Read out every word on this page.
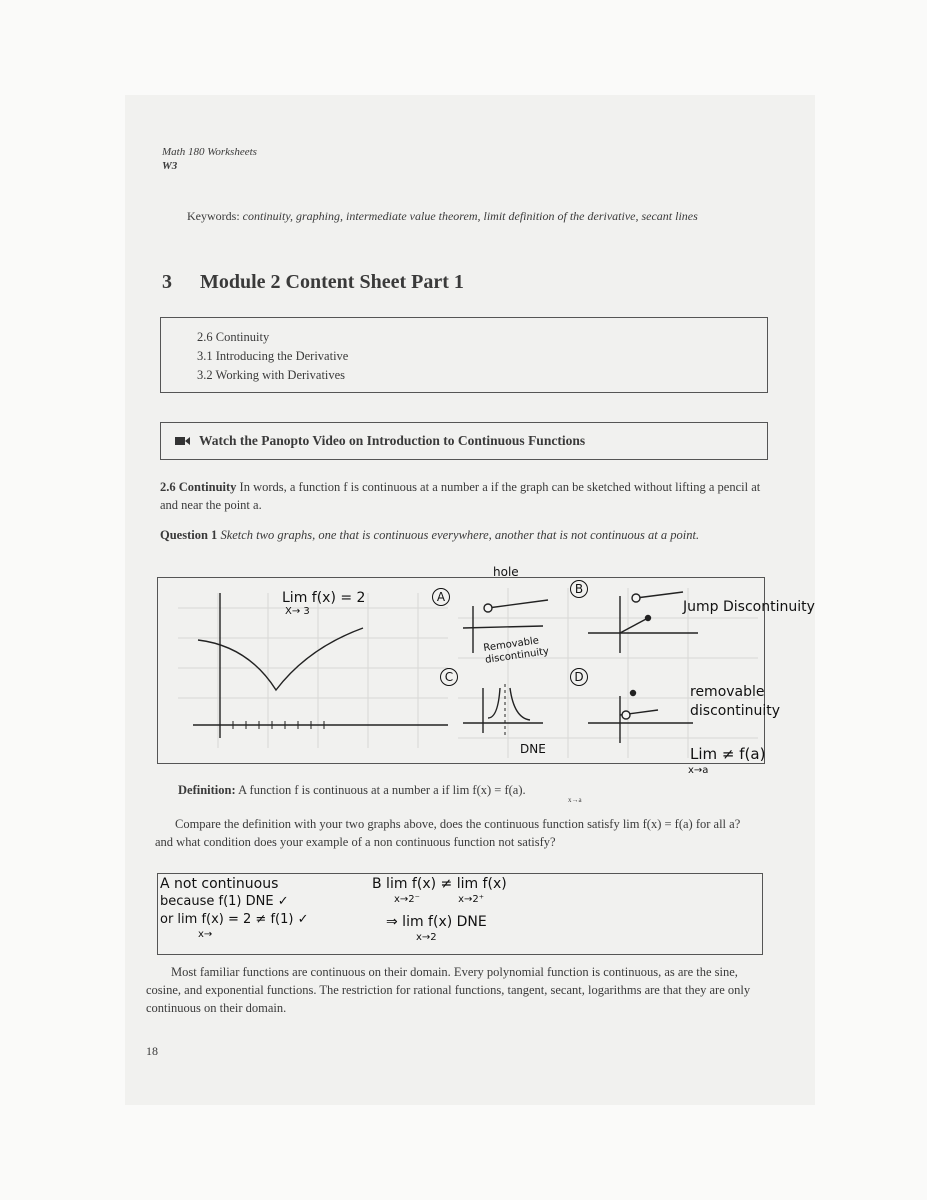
Math 180 Worksheets
W3
Keywords: continuity, graphing, intermediate value theorem, limit definition of the derivative, secant lines
3 Module 2 Content Sheet Part 1
2.6 Continuity
3.1 Introducing the Derivative
3.2 Working with Derivatives
Watch the Panopto Video on Introduction to Continuous Functions
2.6 Continuity In words, a function f is continuous at a number a if the graph can be sketched without lifting a pencil at and near the point a.
Question 1 Sketch two graphs, one that is continuous everywhere, another that is not continuous at a point.
Lim f(x) = 2
X→ 3
hole
A
B
C	D
Removable discontinuity
Jump Discontinuity
removable discontinuity
DNE	Lim ≠ f(a)
x→a
Definition: A function f is continuous at a number a if lim f(x) = f(a).
x→a
Compare the definition with your two graphs above, does the continuous function satisfy lim f(x) = f(a) for all a? and what condition does your example of a non continuous function not satisfy?
A not continuous
because f(1) DNE ✓
or lim f(x) = 2 ≠ f(1) ✓
x→
B lim f(x) ≠ lim f(x)
x→2⁻            x→2⁺
⇒ lim f(x) DNE
x→2
Most familiar functions are continuous on their domain. Every polynomial function is continuous, as are the sine, cosine, and exponential functions. The restriction for rational functions, tangent, secant, logarithms are that they are only continuous on their domain.
18
